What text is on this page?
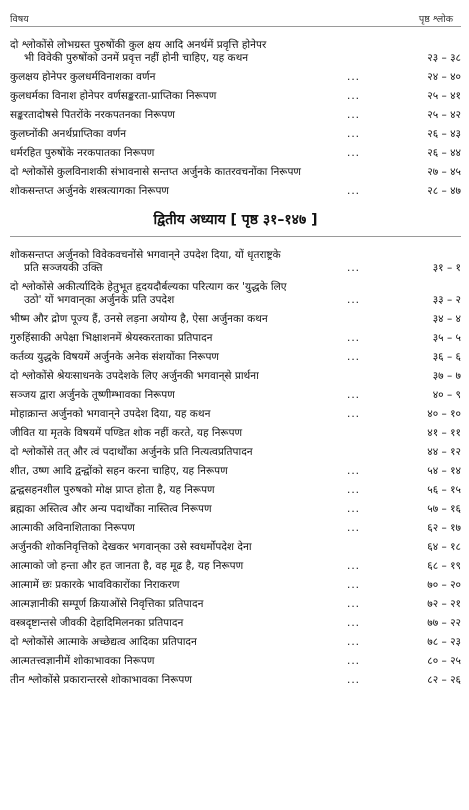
विषय	पृष्ठ श्लोक
दो श्लोकोंसे लोभग्रस्त पुरुषोंकी कुल क्षय आदि अनर्थमें प्रवृत्ति होनेपर
भी विवेकी पुरुषोंको उनमें प्रवृत्त नहीं होनी चाहिए, यह कथन	२३ – ३८
कुलक्षय होनेपर कुलधर्मविनाशका वर्णन	...	२४ – ४०
कुलधर्मका विनाश होनेपर वर्णसङ्करता-प्राप्तिका निरूपण	...	२५ – ४१
सङ्करतादोषसे पितरोंके नरकपतनका निरूपण	...	२५ – ४२
कुलघ्नोंकी अनर्थप्राप्तिका वर्णन	...	२६ – ४३
धर्मरहित पुरुषोंके नरकपातका निरूपण	...	२६ – ४४
दो श्लोकोंसे कुलविनाशकी संभावनासे सन्तप्त अर्जुनके कातरवचनोंका निरूपण	२७ – ४५
शोकसन्तप्त अर्जुनके शस्त्रत्यागका निरूपण	...	२८ – ४७
द्वितीय अध्याय [ पृष्ठ ३१–१४७ ]
शोकसन्तप्त अर्जुनको विवेकवचनोंसे भगवान्‌ने उपदेश दिया, यों धृतराष्ट्रके
प्रति सञ्जयकी उक्ति	...	३१ – १
दो श्लोकोंसे अकीर्त्यादिके हेतुभूत हृदयदौर्बल्यका परित्याग कर 'युद्धके लिए
उठो' यों भगवान्‌का अर्जुनके प्रति उपदेश	...	३३ – २
भीष्म और द्रोण पूज्य हैं, उनसे लड़ना अयोग्य है, ऐसा अर्जुनका कथन	३४ – ४
गुरुहिंसाकी अपेक्षा भिक्षाशनमें श्रेयस्करताका प्रतिपादन	...	३५ – ५
कर्तव्य युद्धके विषयमें अर्जुनके अनेक संशयोंका निरूपण	...	३६ – ६
दो श्लोकोंसे श्रेयःसाधनके उपदेशके लिए अर्जुनकी भगवान्‌से प्रार्थना	३७ – ७
सञ्जय द्वारा अर्जुनके तूष्णीम्भावका निरूपण	...	४० – ९
मोहाक्रान्त अर्जुनको भगवान्‌ने उपदेश दिया, यह कथन	...	४० – १०
जीवित या मृतके विषयमें पण्डित शोक नहीं करते, यह निरूपण	४१ – ११
दो श्लोकोंसे तत् और त्वं पदार्थोंका अर्जुनके प्रति नित्यत्वप्रतिपादन	४४ – १२
शीत, उष्ण आदि द्वन्द्वोंको सहन करना चाहिए, यह निरूपण	...	५४ – १४
द्वन्द्वसहनशील पुरुषको मोक्ष प्राप्त होता है, यह निरूपण	...	५६ – १५
ब्रह्मका अस्तित्व और अन्य पदार्थोंका नास्तित्व निरूपण	...	५७ – १६
आत्माकी अविनाशिताका निरूपण	...	६२ – १७
अर्जुनकी शोकनिवृत्तिको देखकर भगवान्‌का उसे स्वधर्मोपदेश देना	६४ – १८
आत्माको जो हन्ता और हत जानता है, वह मूढ है, यह निरूपण	...	६८ – १९
आत्मामें छः प्रकारके भावविकारोंका निराकरण	...	७० – २०
आत्मज्ञानीकी सम्पूर्ण क्रियाओंसे निवृत्तिका प्रतिपादन	...	७२ – २१
वस्त्रदृष्टान्तसे जीवकी देहादिमिलनका प्रतिपादन	...	७७ – २२
दो श्लोकोंसे आत्माके अच्छेद्यत्व आदिका प्रतिपादन	...	७८ – २३
आत्मतत्त्वज्ञानीमें शोकाभावका निरूपण	...	८० – २५
तीन श्लोकोंसे प्रकारान्तरसे शोकाभावका निरूपण	...	८२ – २६
